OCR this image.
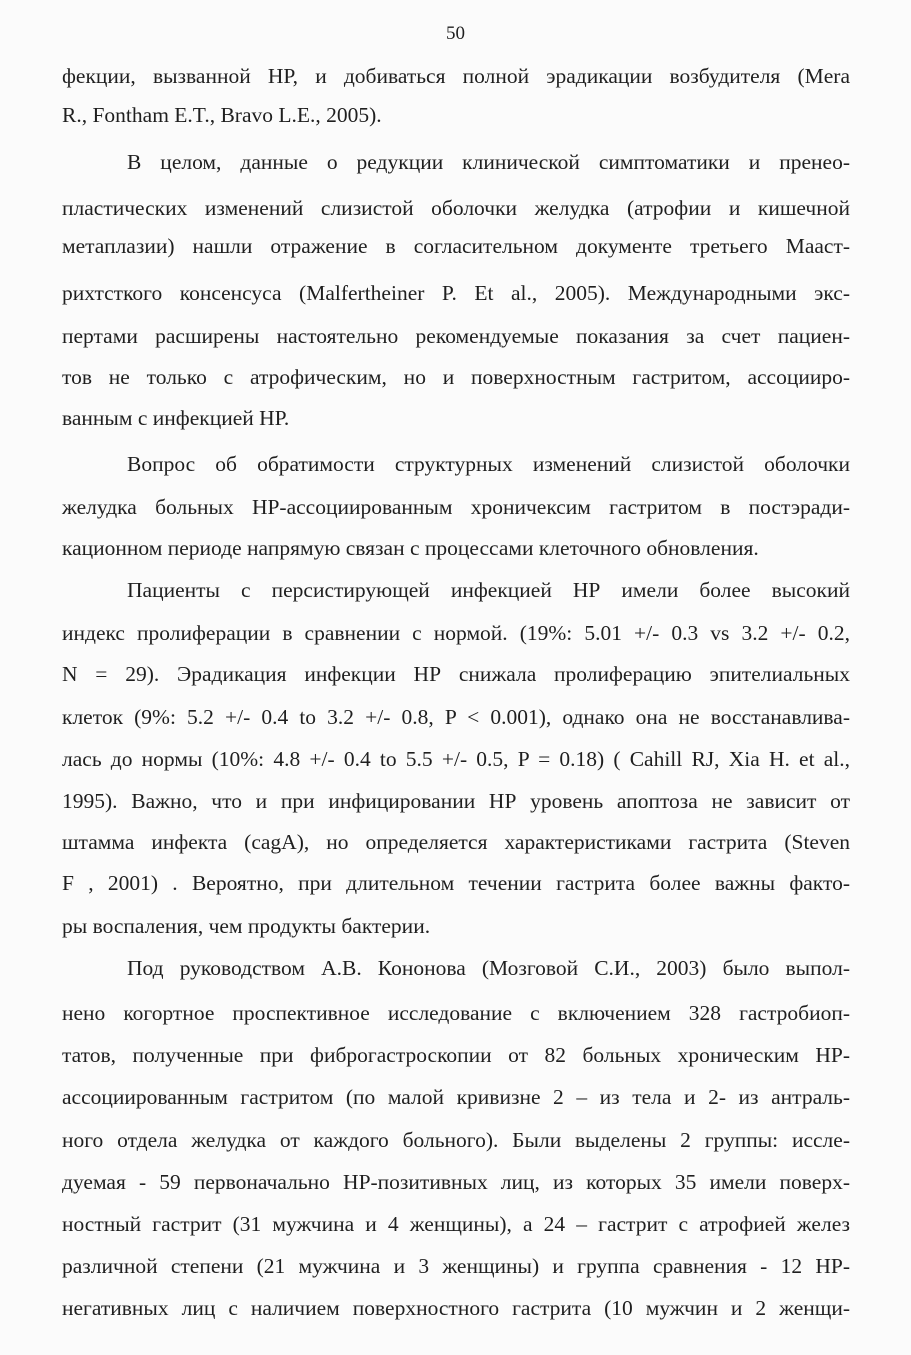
50
фекции, вызванной НР, и добиваться полной эрадикации возбудителя (Mera
R., Fontham E.T., Bravo L.E., 2005).
В целом, данные о редукции клинической симптоматики и пренео-
пластических изменений слизистой оболочки желудка (атрофии и кишечной
метаплазии) нашли отражение в согласительном документе третьего Мааст-
рихтсткого консенсуса (Malfertheiner P. Et al., 2005). Международными экс-
пертами расширены настоятельно рекомендуемые показания за счет пациен-
тов не только с атрофическим, но и поверхностным гастритом, ассоцииро-
ванным с инфекцией НР.
Вопрос об обратимости структурных изменений слизистой оболочки
желудка больных НР-ассоциированным хроничексим гастритом в постэради-
кационном периоде напрямую связан с процессами клеточного обновления.
Пациенты с персистирующей инфекцией НР имели более высокий
индекс пролиферации в сравнении с нормой. (19%: 5.01 +/- 0.3 vs 3.2 +/- 0.2,
N = 29). Эрадикация инфекции НР снижала пролиферацию эпителиальных
клеток (9%: 5.2 +/- 0.4 to 3.2 +/- 0.8, P < 0.001), однако она не восстанавлива-
лась до нормы (10%: 4.8 +/- 0.4 to 5.5 +/- 0.5, P = 0.18) ( Cahill RJ, Xia H. et al.,
1995). Важно, что и при инфицировании НР уровень апоптоза не зависит от
штамма инфекта (cagA), но определяется характеристиками гастрита (Steven
F , 2001) . Вероятно, при длительном течении гастрита более важны факто-
ры воспаления, чем продукты бактерии.
Под руководством А.В. Кононова (Мозговой С.И., 2003) было выпол-
нено когортное проспективное исследование с включением 328 гастробиоп-
татов, полученные при фиброгастроскопии от 82 больных хроническим НР-
ассоциированным гастритом (по малой кривизне 2 – из тела и 2- из антраль-
ного отдела желудка от каждого больного). Были выделены 2 группы: иссле-
дуемая - 59 первоначально НР-позитивных лиц, из которых 35 имели поверх-
ностный гастрит (31 мужчина и 4 женщины), а 24 – гастрит с атрофией желез
различной степени (21 мужчина и 3 женщины) и группа сравнения - 12 НР-
негативных лиц с наличием поверхностного гастрита (10 мужчин и 2 женщи-
